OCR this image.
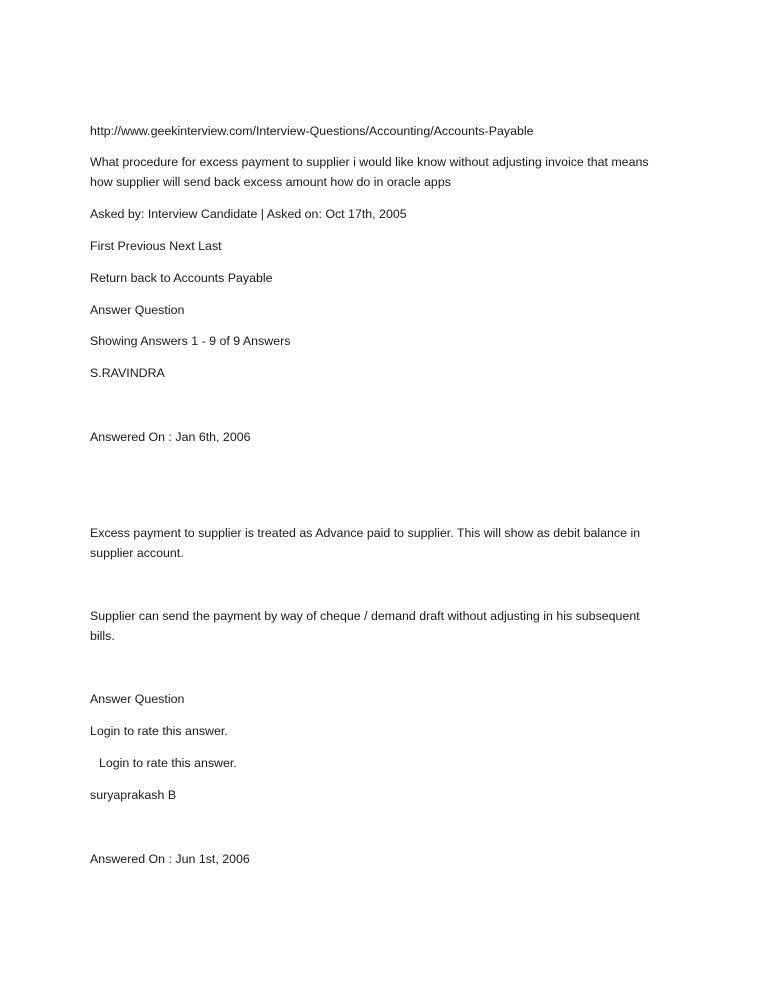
http://www.geekinterview.com/Interview-Questions/Accounting/Accounts-Payable
What procedure for excess payment to supplier i would like know without adjusting invoice that means
how supplier will send back excess amount how do in oracle apps
Asked by: Interview Candidate | Asked on: Oct 17th, 2005
First Previous Next Last
Return back to Accounts Payable
Answer Question
Showing Answers 1 - 9 of 9 Answers
S.RAVINDRA
Answered On : Jan 6th, 2006
Excess payment to supplier is treated as Advance paid to supplier. This will show as debit balance in
supplier account.
Supplier can send the payment by way of cheque / demand draft without adjusting in his subsequent
bills.
Answer Question
Login to rate this answer.
Login to rate this answer.
suryaprakash B
Answered On : Jun 1st, 2006
